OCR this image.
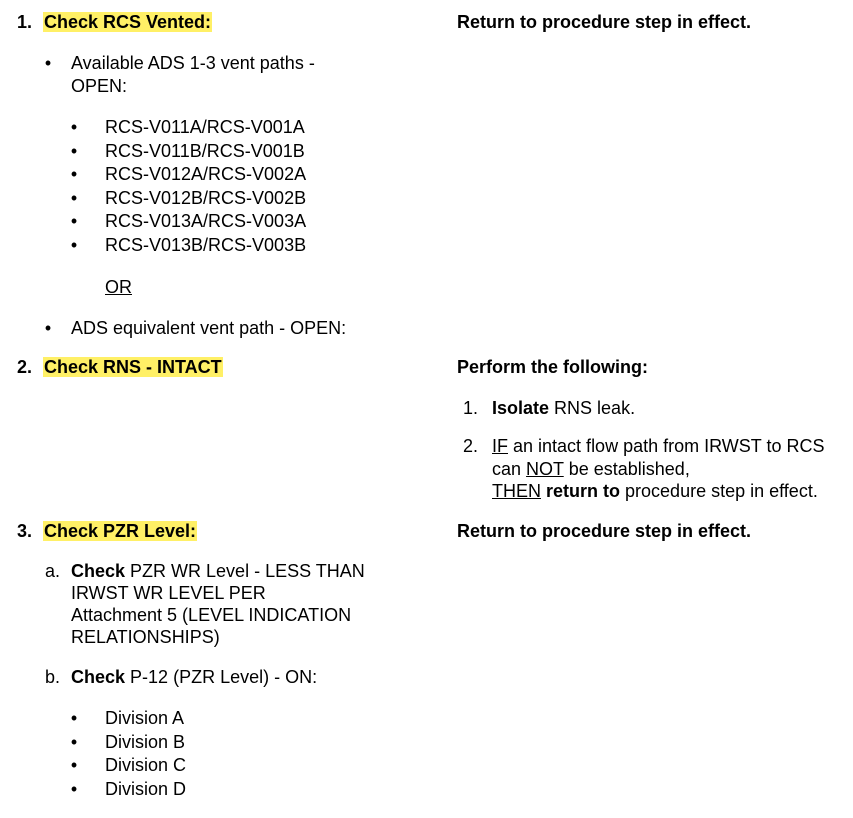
1. Check RCS Vented:	Return to procedure step in effect.
•	Available ADS 1-3 vent paths -
OPEN:
•	RCS-V011A/RCS-V001A
•	RCS-V011B/RCS-V001B
•	RCS-V012A/RCS-V002A
•	RCS-V012B/RCS-V002B
•	RCS-V013A/RCS-V003A
•	RCS-V013B/RCS-V003B
OR
•	ADS equivalent vent path - OPEN:
2. Check RNS - INTACT	Perform the following:
1. Isolate RNS leak.
2. IF an intact flow path from IRWST to RCS
can NOT be established,
THEN return to procedure step in effect.
3. Check PZR Level:	Return to procedure step in effect.
a. Check PZR WR Level - LESS THAN
IRWST WR LEVEL PER
Attachment 5 (LEVEL INDICATION
RELATIONSHIPS)
b. Check P-12 (PZR Level) - ON:
•	Division A
•	Division B
•	Division C
•	Division D
